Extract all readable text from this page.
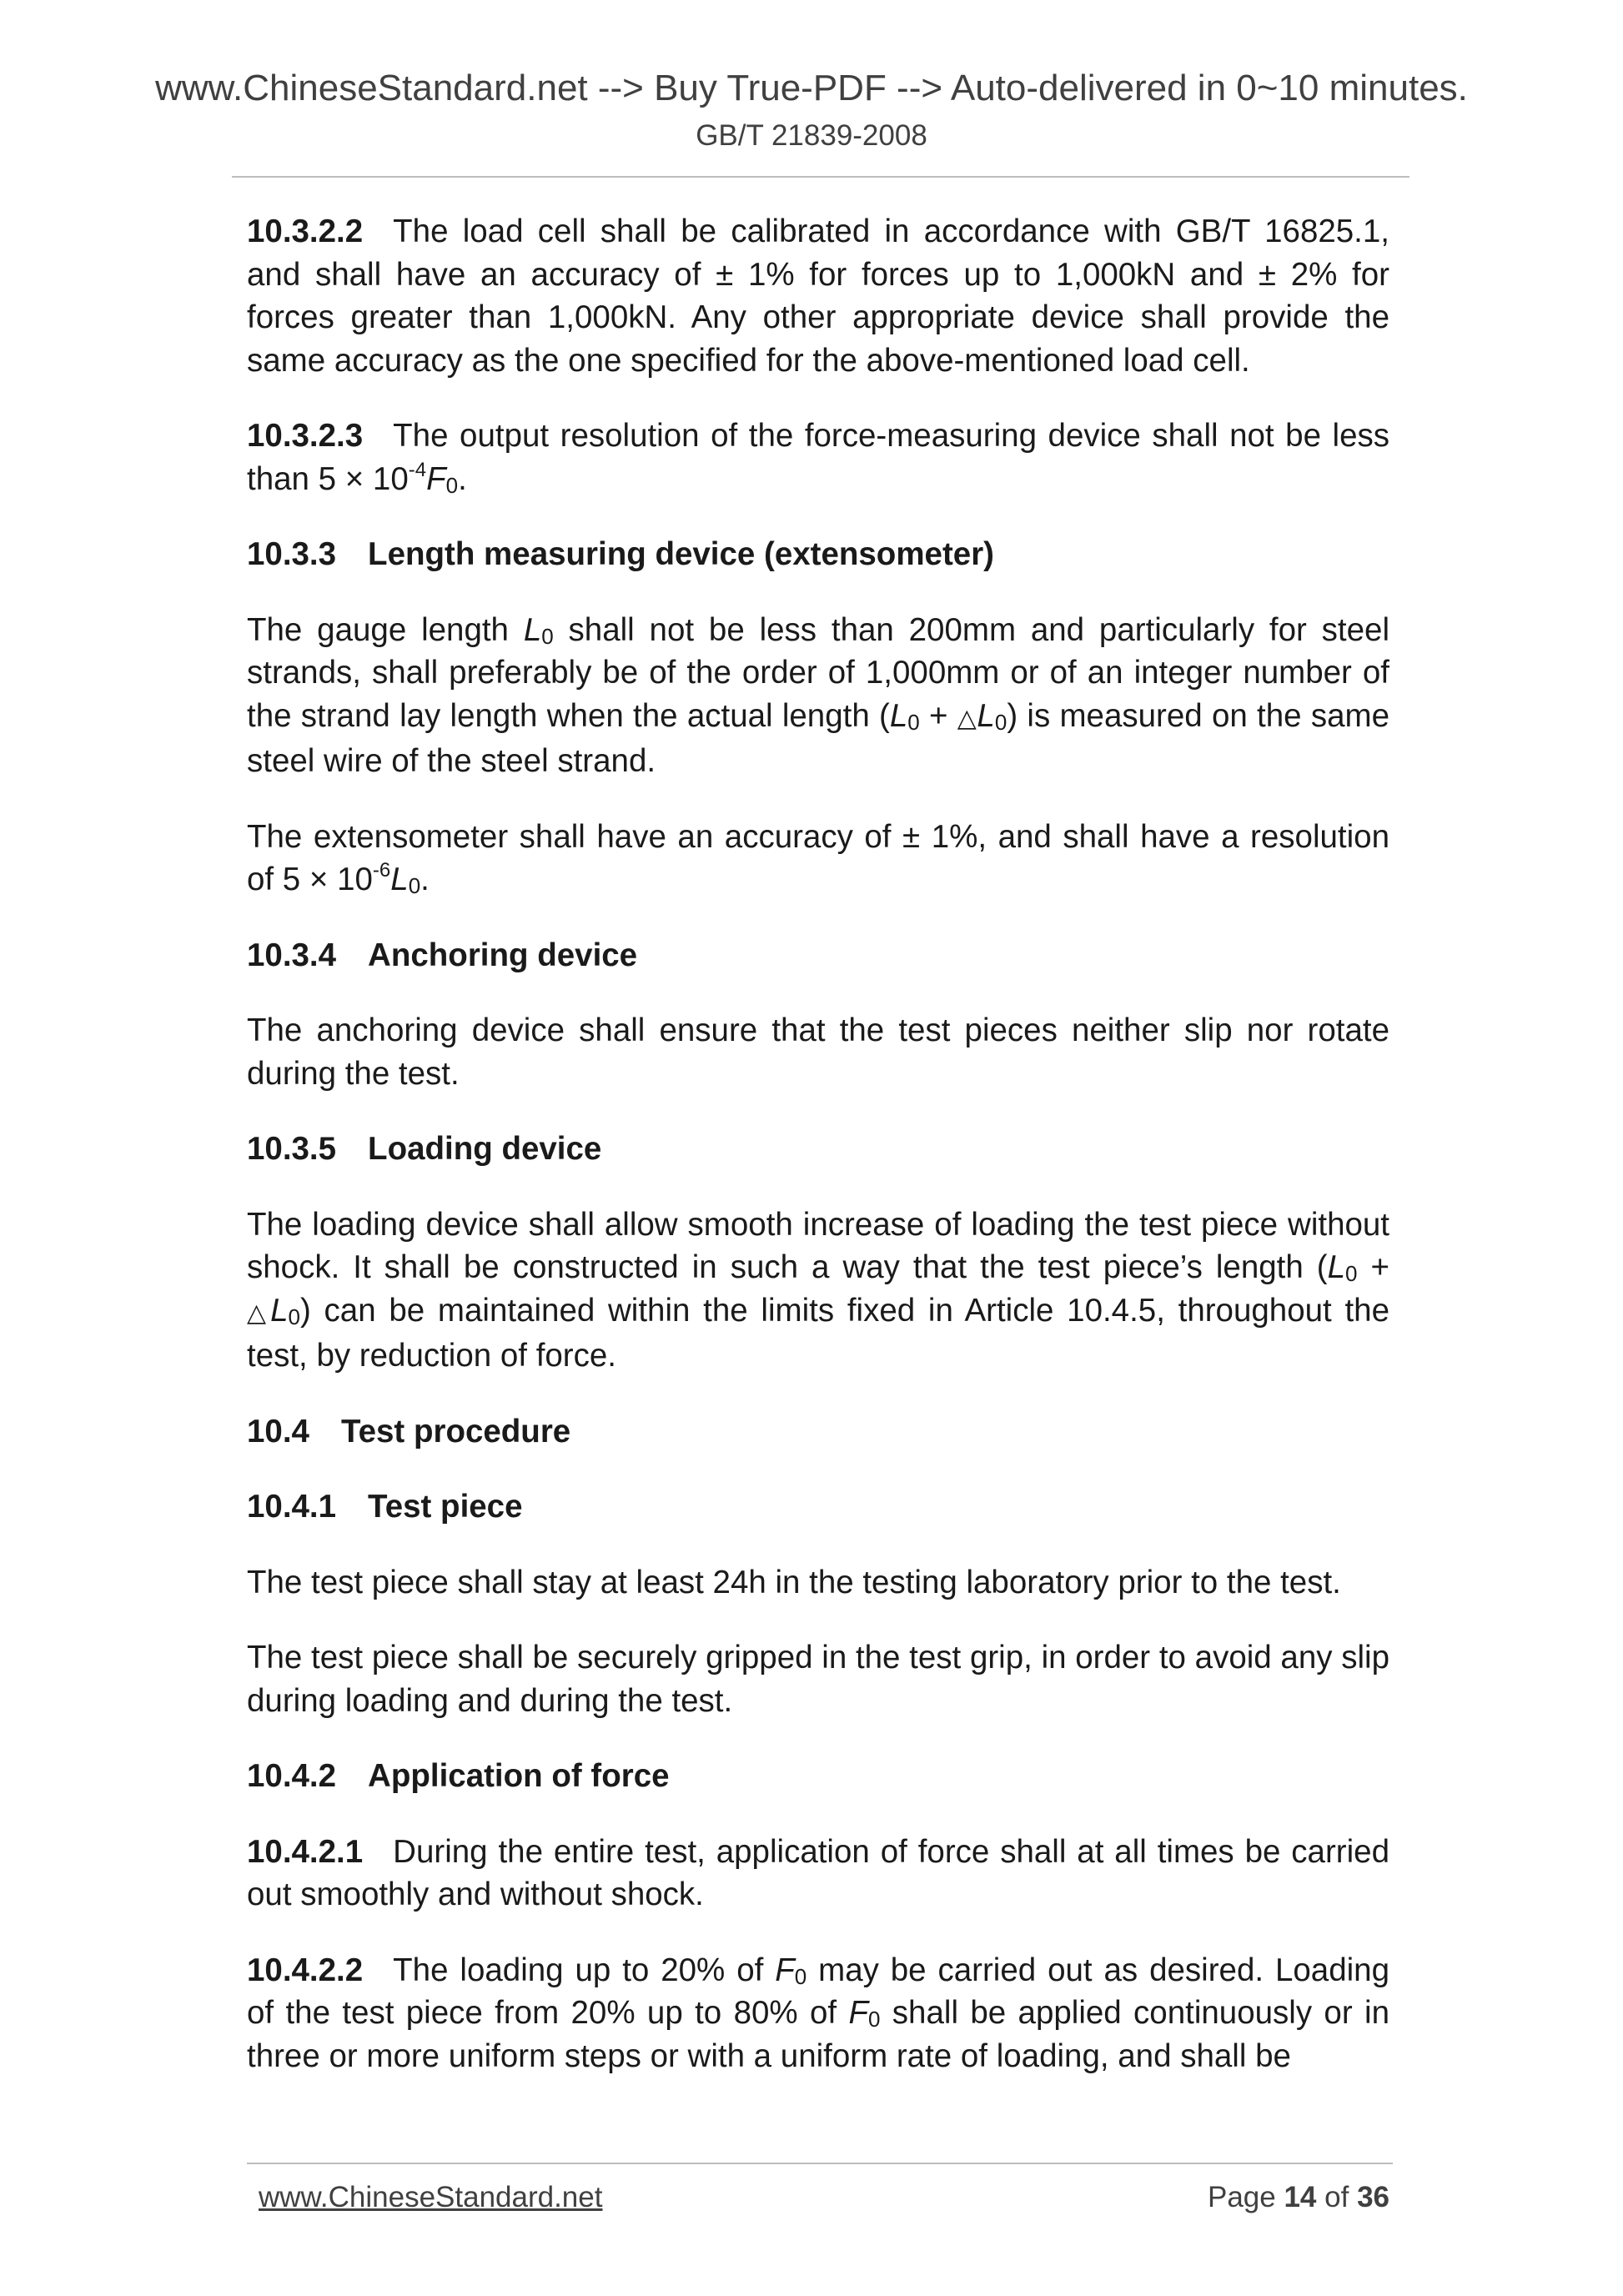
www.ChineseStandard.net --> Buy True-PDF --> Auto-delivered in 0~10 minutes.
GB/T 21839-2008

10.3.2.2 The load cell shall be calibrated in accordance with GB/T 16825.1, and shall have an accuracy of ± 1% for forces up to 1,000kN and ± 2% for forces greater than 1,000kN. Any other appropriate device shall provide the same accuracy as the one specified for the above-mentioned load cell.

10.3.2.3 The output resolution of the force-measuring device shall not be less than $5 \times 10^{-4}F_0$.

10.3.3 Length measuring device (extensometer)

The gauge length $L_0$ shall not be less than 200mm and particularly for steel strands, shall preferably be of the order of 1,000mm or of an integer number of the strand lay length when the actual length ($L_0$ + $\triangle L_0$) is measured on the same steel wire of the steel strand.

The extensometer shall have an accuracy of ± 1%, and shall have a resolution of $5 \times 10^{-6}L_0$.

10.3.4 Anchoring device

The anchoring device shall ensure that the test pieces neither slip nor rotate during the test.

10.3.5 Loading device

The loading device shall allow smooth increase of loading the test piece without shock. It shall be constructed in such a way that the test piece’s length ($L_0$ + $\triangle L_0$) can be maintained within the limits fixed in Article 10.4.5, throughout the test, by reduction of force.

10.4 Test procedure

10.4.1 Test piece

The test piece shall stay at least 24h in the testing laboratory prior to the test.

The test piece shall be securely gripped in the test grip, in order to avoid any slip during loading and during the test.

10.4.2 Application of force

10.4.2.1 During the entire test, application of force shall at all times be carried out smoothly and without shock.

10.4.2.2 The loading up to 20% of $F_0$ may be carried out as desired. Loading of the test piece from 20% up to 80% of $F_0$ shall be applied continuously or in three or more uniform steps or with a uniform rate of loading, and shall be

www.ChineseStandard.net	Page 14 of 36
